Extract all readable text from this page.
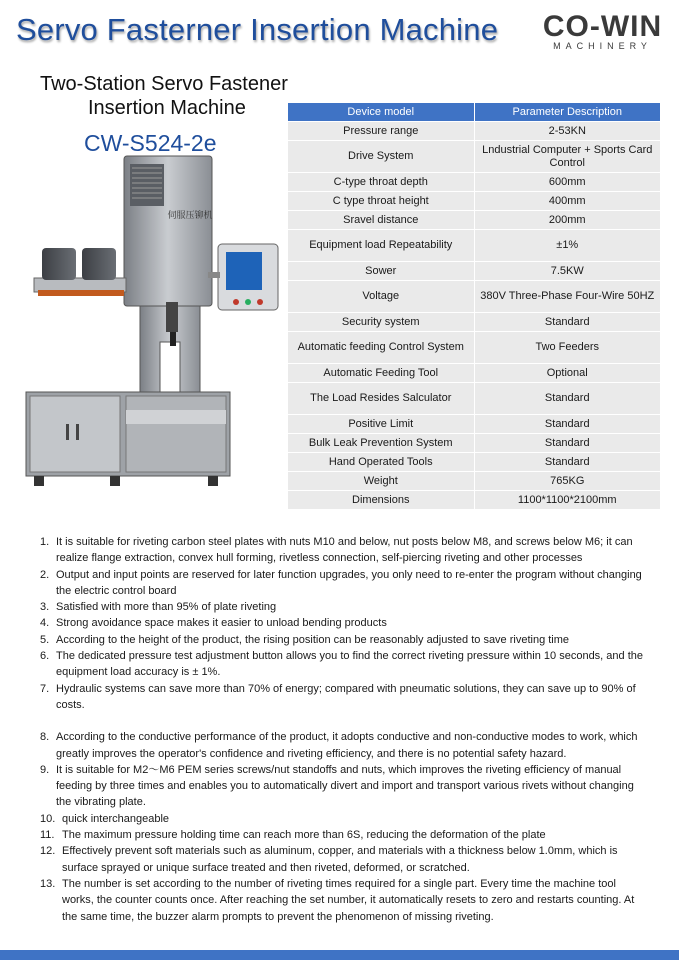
Servo Fasterner Insertion Machine CO-WIN
MACHINERY
Two-Station Servo Fastener
Insertion Machine
CW-S524-2e
伺服压铆机
Device model	Parameter Description
Pressure range	2-53KN
Drive System	Lndustrial Computer + Sports Card Control
C-type throat depth	600mm
C type throat height	400mm
Sravel distance	200mm
Equipment load Repeatability	±1%
Sower	7.5KW
Voltage	380V Three-Phase Four-Wire 50HZ
Security system	Standard
Automatic feeding Control System	Two Feeders
Automatic Feeding Tool	Optional
The Load Resides Salculator	Standard
Positive Limit	Standard
Bulk Leak Prevention System	Standard
Hand Operated Tools	Standard
Weight	765KG
Dimensions	1100*1100*2100mm
1. It is suitable for riveting carbon steel plates with nuts M10 and below, nut posts below M8, and screws below M6; it can realize flange extraction, convex hull forming, rivetless connection, self-piercing riveting and other processes
2. Output and input points are reserved for later function upgrades, you only need to re-enter the program without changing the electric control board
3. Satisfied with more than 95% of plate riveting
4. Strong avoidance space makes it easier to unload bending products
5. According to the height of the product, the rising position can be reasonably adjusted to save riveting time
6. The dedicated pressure test adjustment button allows you to find the correct riveting pressure within 10 seconds, and the equipment load accuracy is ± 1%.
7. Hydraulic systems can save more than 70% of energy; compared with pneumatic solutions, they can save up to 90% of costs.
8. According to the conductive performance of the product, it adopts conductive and non-conductive modes to work, which greatly improves the operator's confidence and riveting efficiency, and there is no potential safety hazard.
9. It is suitable for M2～M6 PEM series screws/nut standoffs and nuts, which improves the riveting efficiency of manual feeding by three times and enables you to automatically divert and import and transport various rivets without changing the vibrating plate.
10. quick interchangeable
11. The maximum pressure holding time can reach more than 6S, reducing the deformation of the plate
12. Effectively prevent soft materials such as aluminum, copper, and materials with a thickness below 1.0mm, which is surface sprayed or unique surface treated and then riveted, deformed, or scratched.
13. The number is set according to the number of riveting times required for a single part. Every time the machine tool works, the counter counts once. After reaching the set number, it automatically resets to zero and restarts counting. At the same time, the buzzer alarm prompts to prevent the phenomenon of missing riveting.
